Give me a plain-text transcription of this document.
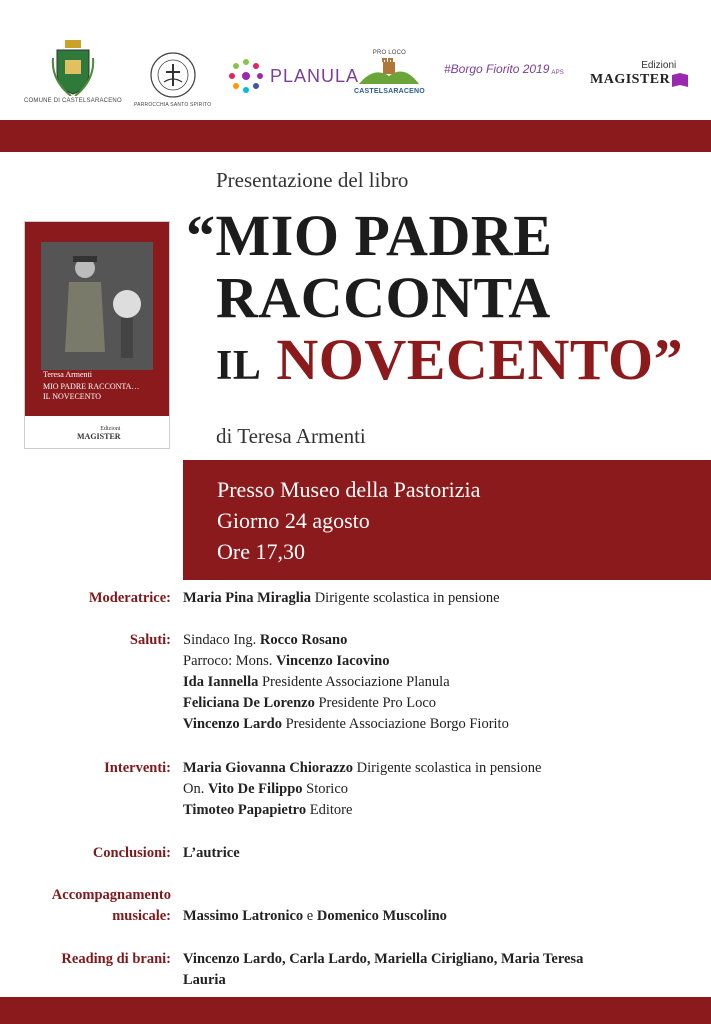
COMUNE DI CASTELSARACENO
PARROCCHIA SANTO SPIRITO
PLANULA
PRO LOCO
CASTELSARACENO
#Borgo Fiorito 2019 APS
Edizioni
MAGISTER
Teresa Armenti
MIO PADRE RACCONTA…
IL NOVECENTO
Edizioni
MAGISTER
Presentazione del libro
“MIO PADRE
RACCONTA
IL NOVECENTO”
di Teresa Armenti
Presso Museo della Pastorizia
Giorno 24 agosto
Ore 17,30
Moderatrice: Maria Pina Miraglia Dirigente scolastica in pensione
Saluti: Sindaco Ing. Rocco Rosano
Parroco: Mons. Vincenzo Iacovino
Ida Iannella Presidente Associazione Planula
Feliciana De Lorenzo Presidente Pro Loco
Vincenzo Lardo Presidente Associazione Borgo Fiorito
Interventi: Maria Giovanna Chiorazzo Dirigente scolastica in pensione
On. Vito De Filippo Storico
Timoteo Papapietro Editore
Conclusioni: L’autrice
Accompagnamento
musicale: Massimo Latronico e Domenico Muscolino
Reading di brani: Vincenzo Lardo, Carla Lardo, Mariella Cirigliano, Maria Teresa
Lauria
